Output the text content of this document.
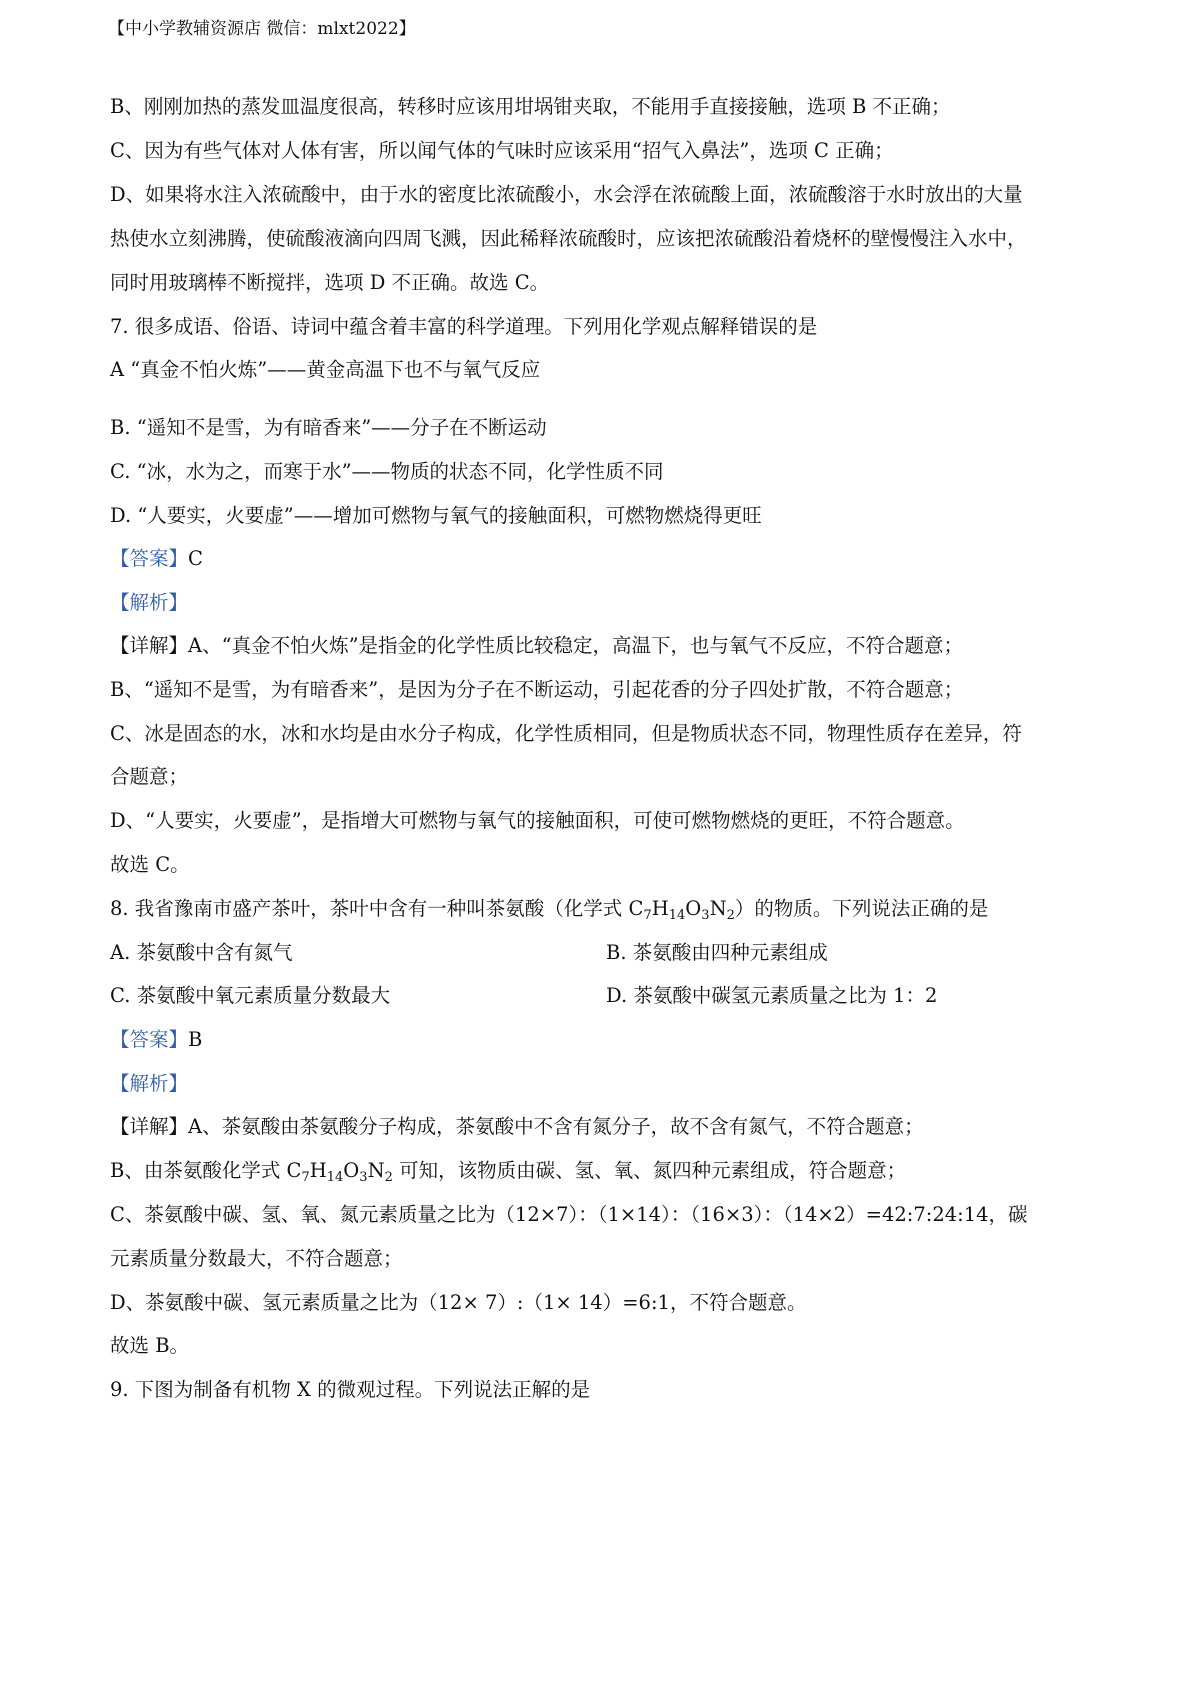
【中小学教辅资源店 微信：mlxt2022】
B、刚刚加热的蒸发皿温度很高，转移时应该用坩埚钳夹取，不能用手直接接触，选项 B 不正确；
C、因为有些气体对人体有害，所以闻气体的气味时应该采用“招气入鼻法”，选项 C 正确；
D、如果将水注入浓硫酸中，由于水的密度比浓硫酸小，水会浮在浓硫酸上面，浓硫酸溶于水时放出的大量
热使水立刻沸腾，使硫酸液滴向四周飞溅，因此稀释浓硫酸时，应该把浓硫酸沿着烧杯的壁慢慢注入水中，
同时用玻璃棒不断搅拌，选项 D 不正确。故选 C。
7. 很多成语、俗语、诗词中蕴含着丰富的科学道理。下列用化学观点解释错误的是
A “真金不怕火炼”——黄金高温下也不与氧气反应
B. “遥知不是雪，为有暗香来”——分子在不断运动
C. “冰，水为之，而寒于水”——物质的状态不同，化学性质不同
D. “人要实，火要虚”——增加可燃物与氧气的接触面积，可燃物燃烧得更旺
【答案】C
【解析】
【详解】A、“真金不怕火炼”是指金的化学性质比较稳定，高温下，也与氧气不反应，不符合题意；
B、“遥知不是雪，为有暗香来”，是因为分子在不断运动，引起花香的分子四处扩散，不符合题意；
C、冰是固态的水，冰和水均是由水分子构成，化学性质相同，但是物质状态不同，物理性质存在差异，符
合题意；
D、“人要实，火要虚”，是指增大可燃物与氧气的接触面积，可使可燃物燃烧的更旺，不符合题意。
故选 C。
8. 我省豫南市盛产茶叶，茶叶中含有一种叫茶氨酸（化学式 $C_7H_{14}O_3N_2$）的物质。下列说法正确的是
A. 茶氨酸中含有氮气	B. 茶氨酸由四种元素组成
C. 茶氨酸中氧元素质量分数最大	D. 茶氨酸中碳氢元素质量之比为 1：2
【答案】B
【解析】
【详解】A、茶氨酸由茶氨酸分子构成，茶氨酸中不含有氮分子，故不含有氮气，不符合题意；
B、由茶氨酸化学式 $C_7H_{14}O_3N_2$ 可知，该物质由碳、氢、氧、氮四种元素组成，符合题意；
C、茶氨酸中碳、氢、氧、氮元素质量之比为（12×7）：（1×14）：（16×3）：（14×2）=42:7:24:14，碳
元素质量分数最大，不符合题意；
D、茶氨酸中碳、氢元素质量之比为（12× 7）:（1× 14）=6:1，不符合题意。
故选 B。
9. 下图为制备有机物 X 的微观过程。下列说法正解的是
